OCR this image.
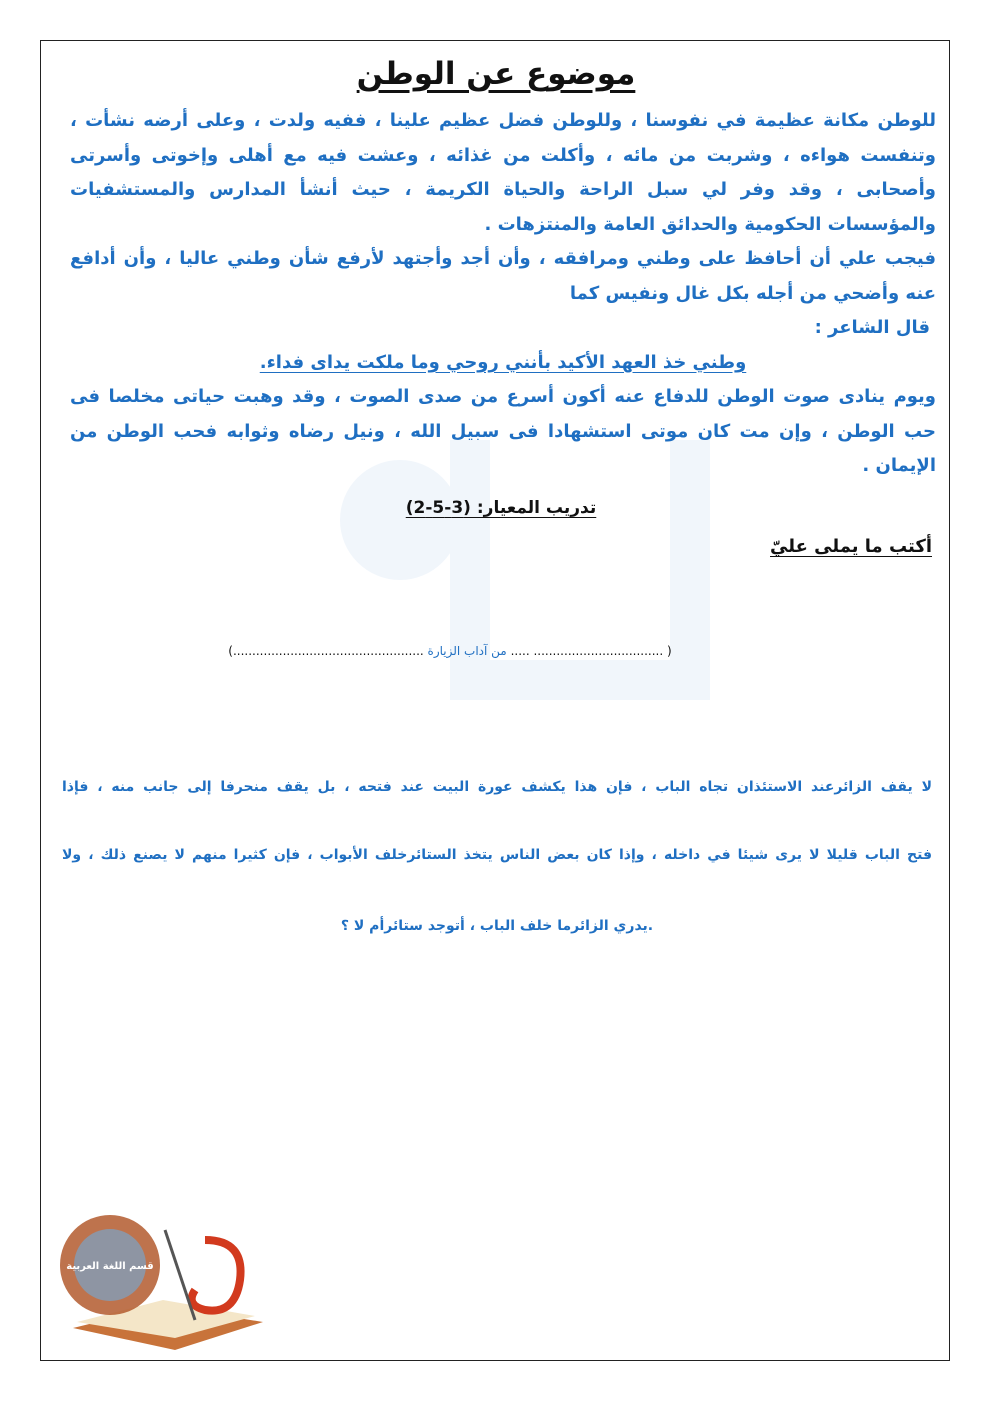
موضوع عن الوطن

للوطن مكانة عظيمة في نفوسنا ، وللوطن فضل عظيم علينا ، ففيه ولدت ، وعلى أرضه نشأت ، وتنفست هواءه ، وشربت من مائه ، وأكلت من غذائه ، وعشت فيه مع أهلى وإخوتى وأسرتى وأصحابى ، وقد وفر لي سبل الراحة والحياة الكريمة ، حيث أنشأ المدارس والمستشفيات والمؤسسات الحكومية والحدائق العامة والمنتزهات .

فيجب علي أن أحافظ على وطني ومرافقه ، وأن أجد وأجتهد لأرفع شأن وطني عاليا ، وأن أدافع عنه وأضحي من أجله بكل غال ونفيس كما

قال الشاعر :

وطني خذ العهد الأكيد بأنني روحي وما ملكت يداى فداء.

ويوم ينادى صوت الوطن للدفاع عنه أكون أسرع من صدى الصوت ، وقد وهبت حياتى مخلصا فى حب الوطن ، وإن مت كان موتى استشهادا فى سبيل الله ، ونيل رضاه وثوابه فحب الوطن من الإيمان .

تدريب المعيار: (3-5-2)
أكتب ما يملى عليّ
( .................................. ..... من آداب الزيارة ..................................................)
لا يقف الزائرعند الاستئذان تجاه الباب ، فإن هذا يكشف عورة البيت عند فتحه ، بل يقف منحرفا إلى جانب منه ، فإذا
فتح الباب قليلا لا يرى شيئا في داخله ، وإذا كان بعض الناس يتخذ الستائرخلف الأبواب ، فإن كثيرا منهم لا يصنع ذلك ، ولا
.يدري الزائرما خلف الباب ، أتوجد ستائرأم لا ؟
قسم اللغة العربية
